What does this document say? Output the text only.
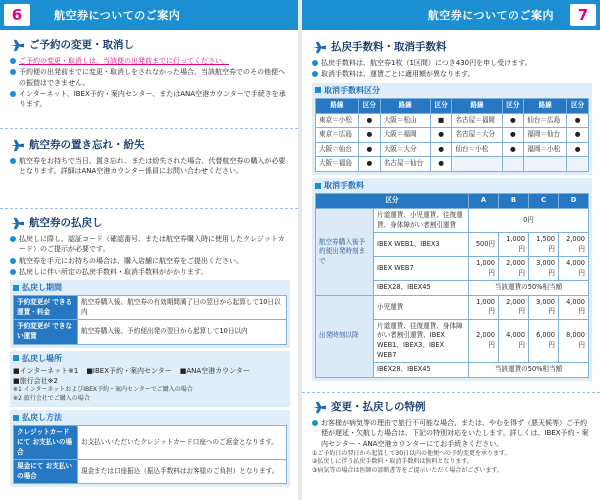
6	航空券についてのご案内
ご予約の変更・取消し
ご予約の変更・取消しは、当該便の出発前までに行ってください。
予約便の出発前までに変更・取消しをされなかった場合、当該航空券でのその他便への振替はできません。
インターネット、IBEX予約・案内センター、またはANA空港カウンターで手続きを承ります。
航空券の置き忘れ・紛失
航空券をお持ちで当日、置き忘れ、または紛失された場合、代替航空券の購入が必要となります。詳細はANA空港カウンター係員にお問い合わせください。
航空券の払戻し
払戻しに際し、認証コード（確認番号、または航空券購入時に使用したクレジットカード）のご提示が必要です。
航空券を手元にお持ちの場合は、購入店舗に航空券をご提出ください。
払戻しに伴い所定の払戻手数料・取消手数料がかかります。
払戻し期間
予約変更が できる運賃・料金	航空券購入後、航空券の有効期間満了日の翌日から起算して10日以内
予約変更が できない運賃	航空券購入後、予約便出発の翌日から起算して10日以内
払戻し場所
■インターネット※1 ■IBEX予約・案内センター ■ANA空港カウンター
■旅行会社※2
※1 インターネットおよびIBEX予約・案内センターでご購入の場合
※2 旅行会社でご購入の場合
払戻し方法
クレジットカードにて お支払いの場合	お支払いいただいたクレジットカード口座へのご返金となります。
現金にて お支払いの場合	現金または口座振込（振込手数料はお客様のご負担）となります。
航空券についてのご案内	7
払戻手数料・取消手数料
払戻手数料は、航空券1枚（1区間）につき430円を申し受けます。
取消手数料は、運賃ごとに適用額が異なります。
取消手数料区分
路線	区分	路線	区分	路線	区分	路線	区分
東京＝小松	●	大阪＝松山	■	名古屋＝福岡	●	仙台＝広島	●
東京＝広島	●	大阪＝福岡	●	名古屋＝大分	●	福岡＝仙台	●
大阪＝仙台	●	大阪＝大分	●	仙台＝小松	●	福岡＝小松	●
大阪＝福島	●	名古屋＝仙台	●				
取消手数料
区分		A	B	C	D
航空券購入後予約便出発時刻まで	片道運賃、小児運賃、往復運賃、身体障がい者割引運賃	0円			
	IBEX WEB1、IBEX3	500円	1,000円	1,500円	2,000円
	IBEX WEB7	1,000円	2,000円	3,000円	4,000円
	IBEX28、IBEX45	当該運賃の50%相当額			
出発時刻以降	小児運賃	1,000円	2,000円	3,000円	4,000円
	片道運賃、往復運賃、身体障がい者割引運賃、IBEX WEB1、IBEX3、IBEX WEB7	2,000円	4,000円	6,000円	8,000円
	IBEX28、IBEX45	当該運賃の50%相当額			
変更・払戻しの特例
お客様が病気等の理由で旅行不可能な場合、または、やむを得ず（悪天候等）ご予約便が遅延・欠航した場合は、下記の特別対応をいたします。詳しくは、IBEX予約・案内センター・ANA空港カウンターにてお手続きください。
①ご予約日の翌日から起算して30日以内の他便への予約変更を承ります。
②払戻しに伴う払戻手数料・取消手数料は無料となります。
③病気等の場合は医師の診断書等をご提示いただく場合がございます。
